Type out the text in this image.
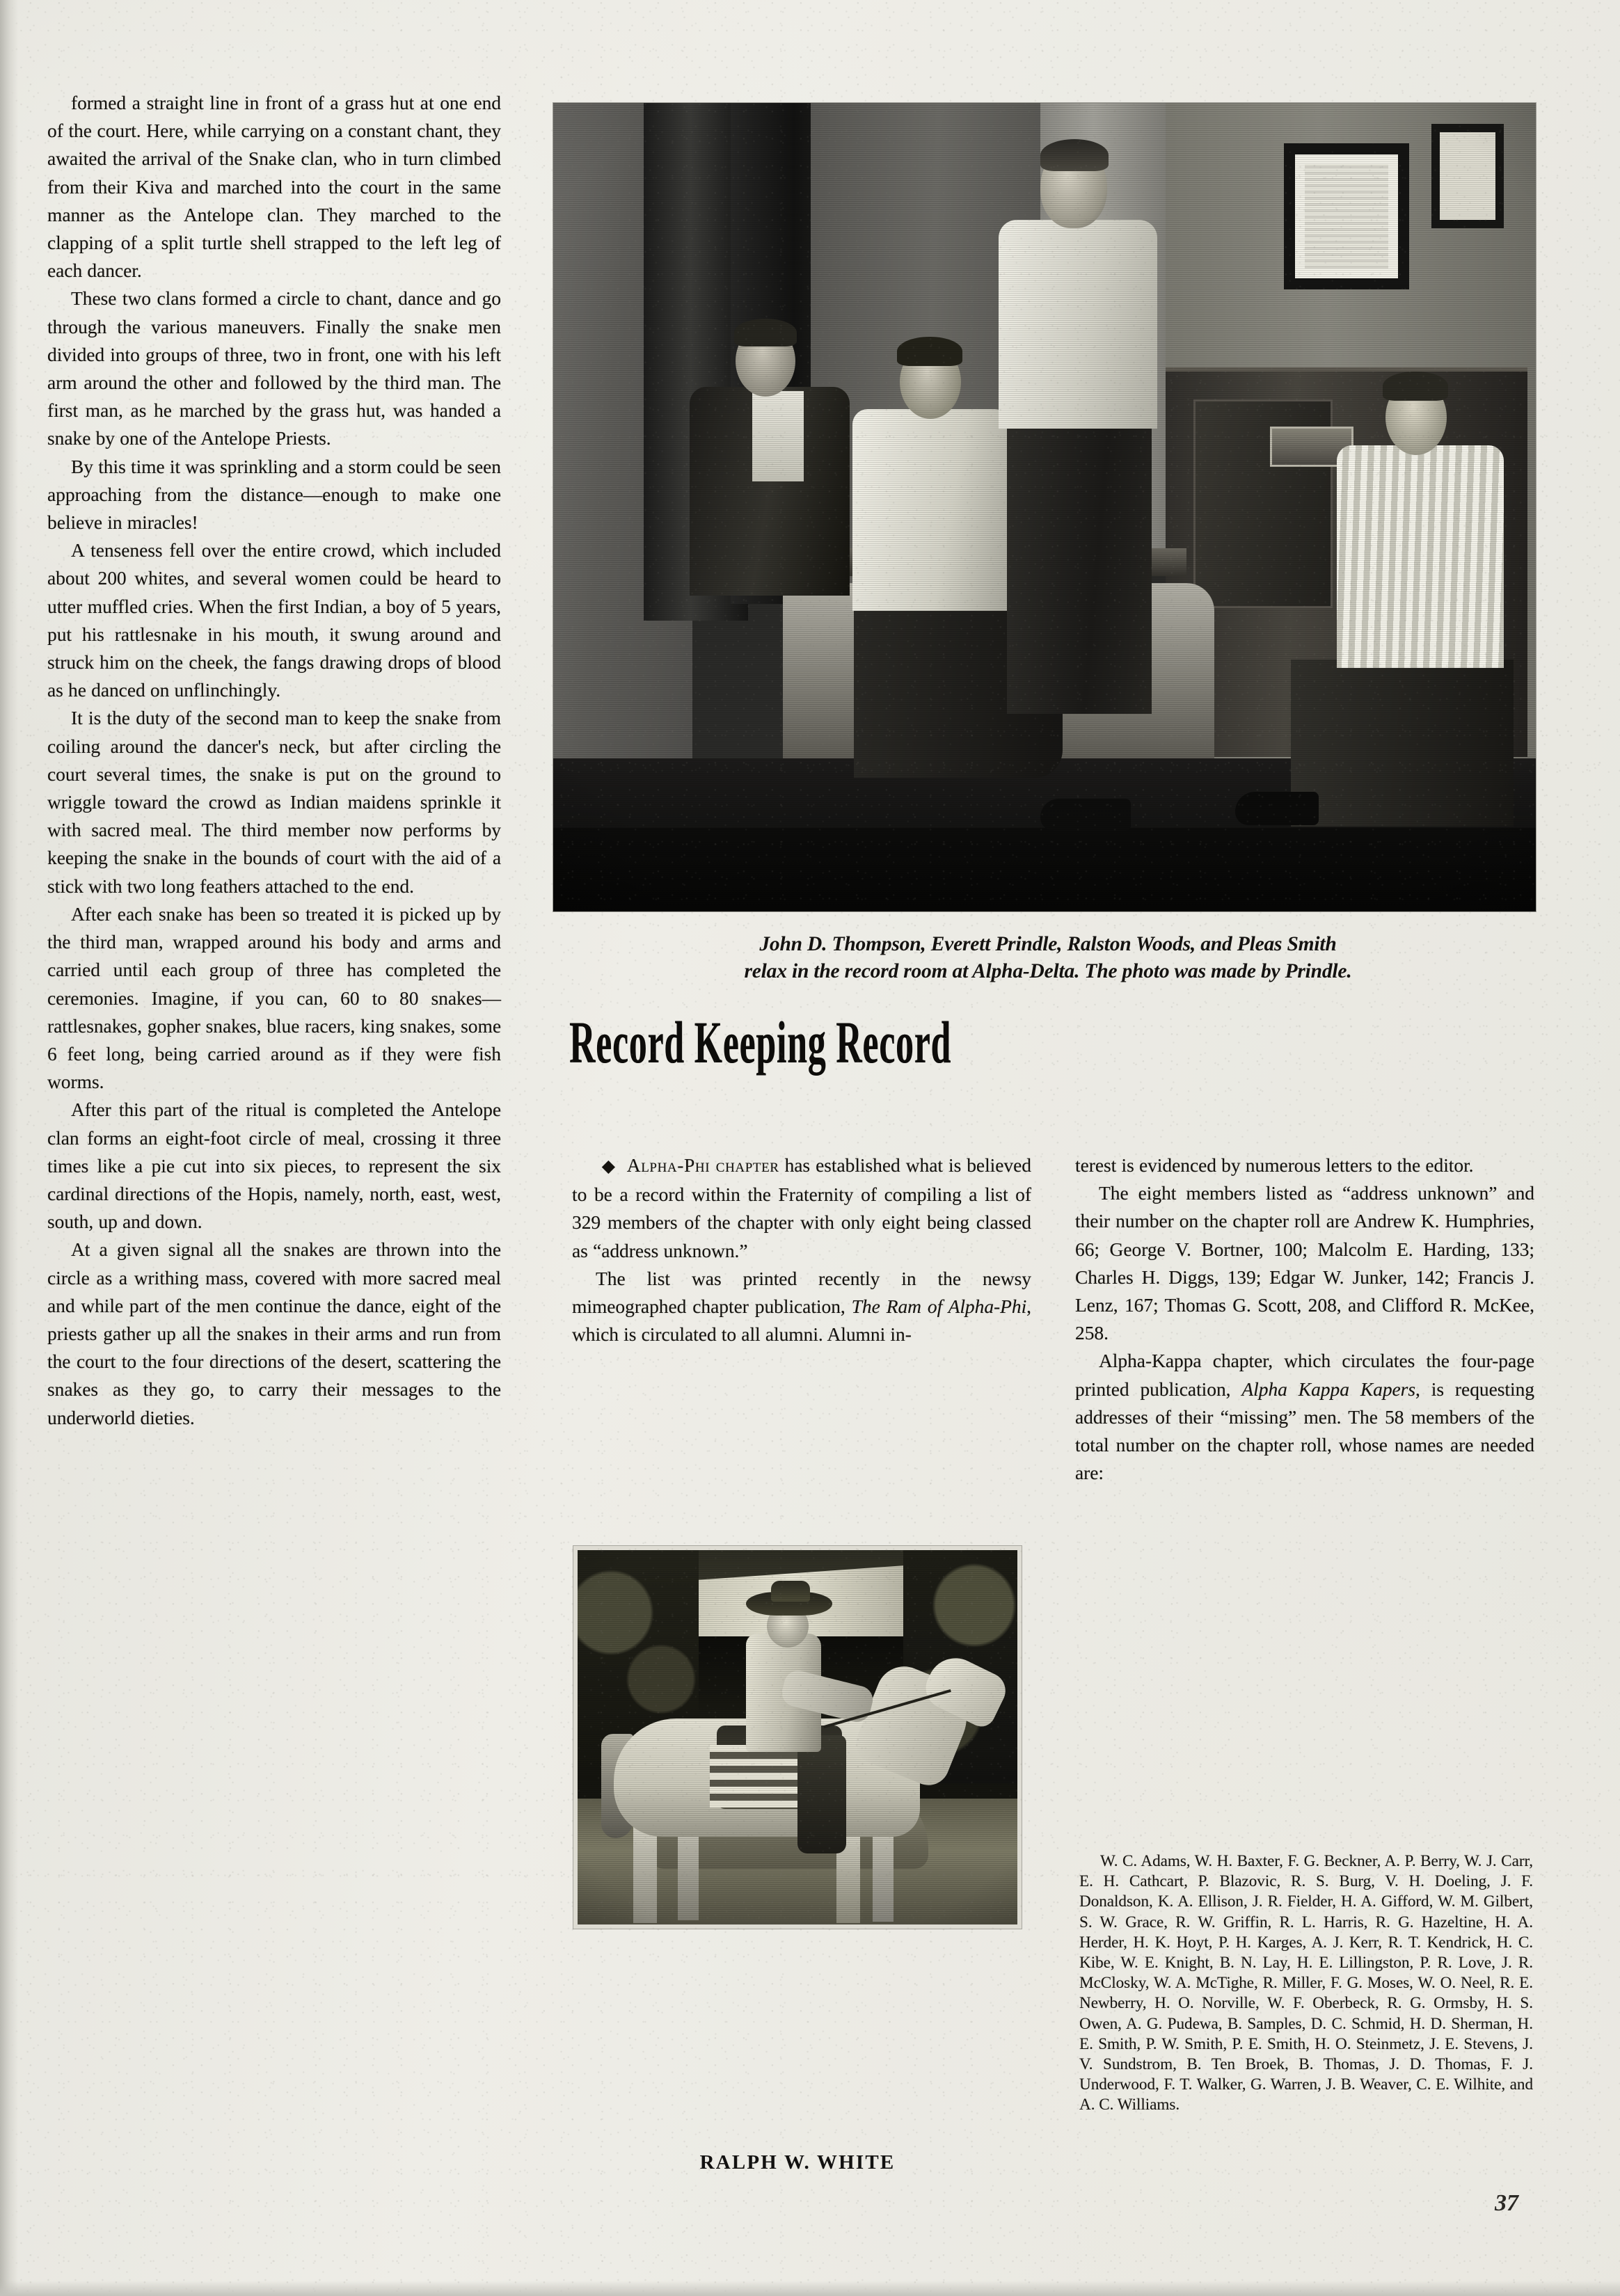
formed a straight line in front of a grass hut at one end of the court. Here, while carrying on a constant chant, they awaited the arrival of the Snake clan, who in turn climbed from their Kiva and marched into the court in the same manner as the Antelope clan. They marched to the clapping of a split turtle shell strapped to the left leg of each dancer.

These two clans formed a circle to chant, dance and go through the various maneuvers. Finally the snake men divided into groups of three, two in front, one with his left arm around the other and followed by the third man. The first man, as he marched by the grass hut, was handed a snake by one of the Antelope Priests.

By this time it was sprinkling and a storm could be seen approaching from the distance—enough to make one believe in miracles!

A tenseness fell over the entire crowd, which included about 200 whites, and several women could be heard to utter muffled cries. When the first Indian, a boy of 5 years, put his rattlesnake in his mouth, it swung around and struck him on the cheek, the fangs drawing drops of blood as he danced on unflinchingly.

It is the duty of the second man to keep the snake from coiling around the dancer's neck, but after circling the court several times, the snake is put on the ground to wriggle toward the crowd as Indian maidens sprinkle it with sacred meal. The third member now performs by keeping the snake in the bounds of court with the aid of a stick with two long feathers attached to the end.

After each snake has been so treated it is picked up by the third man, wrapped around his body and arms and carried until each group of three has completed the ceremonies. Imagine, if you can, 60 to 80 snakes—rattlesnakes, gopher snakes, blue racers, king snakes, some 6 feet long, being carried around as if they were fish worms.

After this part of the ritual is completed the Antelope clan forms an eight-foot circle of meal, crossing it three times like a pie cut into six pieces, to represent the six cardinal directions of the Hopis, namely, north, east, west, south, up and down.

At a given signal all the snakes are thrown into the circle as a writhing mass, covered with more sacred meal and while part of the men continue the dance, eight of the priests gather up all the snakes in their arms and run from the court to the four directions of the desert, scattering the snakes as they go, to carry their messages to the underworld dieties.

John D. Thompson, Everett Prindle, Ralston Woods, and Pleas Smith
relax in the record room at Alpha-Delta. The photo was made by Prindle.
Record Keeping Record

◆ Alpha-Phi chapter has established what is believed to be a record within the Fraternity of compiling a list of 329 members of the chapter with only eight being classed as “address unknown.”

The list was printed recently in the newsy mimeographed chapter publication, The Ram of Alpha-Phi, which is circulated to all alumni. Alumni in-

RALPH W. WHITE

terest is evidenced by numerous letters to the editor.

The eight members listed as “address unknown” and their number on the chapter roll are Andrew K. Humphries, 66; George V. Bortner, 100; Malcolm E. Harding, 133; Charles H. Diggs, 139; Edgar W. Junker, 142; Francis J. Lenz, 167; Thomas G. Scott, 208, and Clifford R. McKee, 258.

Alpha-Kappa chapter, which circulates the four-page printed publication, Alpha Kappa Kapers, is requesting addresses of their “missing” men. The 58 members of the total number on the chapter roll, whose names are needed are:

W. C. Adams, W. H. Baxter, F. G. Beckner, A. P. Berry, W. J. Carr, E. H. Cathcart, P. Blazovic, R. S. Burg, V. H. Doeling, J. F. Donaldson, K. A. Ellison, J. R. Fielder, H. A. Gifford, W. M. Gilbert, S. W. Grace, R. W. Griffin, R. L. Harris, R. G. Hazeltine, H. A. Herder, H. K. Hoyt, P. H. Karges, A. J. Kerr, R. T. Kendrick, H. C. Kibe, W. E. Knight, B. N. Lay, H. E. Lillingston, P. R. Love, J. R. McClosky, W. A. McTighe, R. Miller, F. G. Moses, W. O. Neel, R. E. Newberry, H. O. Norville, W. F. Oberbeck, R. G. Ormsby, H. S. Owen, A. G. Pudewa, B. Samples, D. C. Schmid, H. D. Sherman, H. E. Smith, P. W. Smith, P. E. Smith, H. O. Steinmetz, J. E. Stevens, J. V. Sundstrom, B. Ten Broek, B. Thomas, J. D. Thomas, F. J. Underwood, F. T. Walker, G. Warren, J. B. Weaver, C. E. Wilhite, and A. C. Williams.
37
